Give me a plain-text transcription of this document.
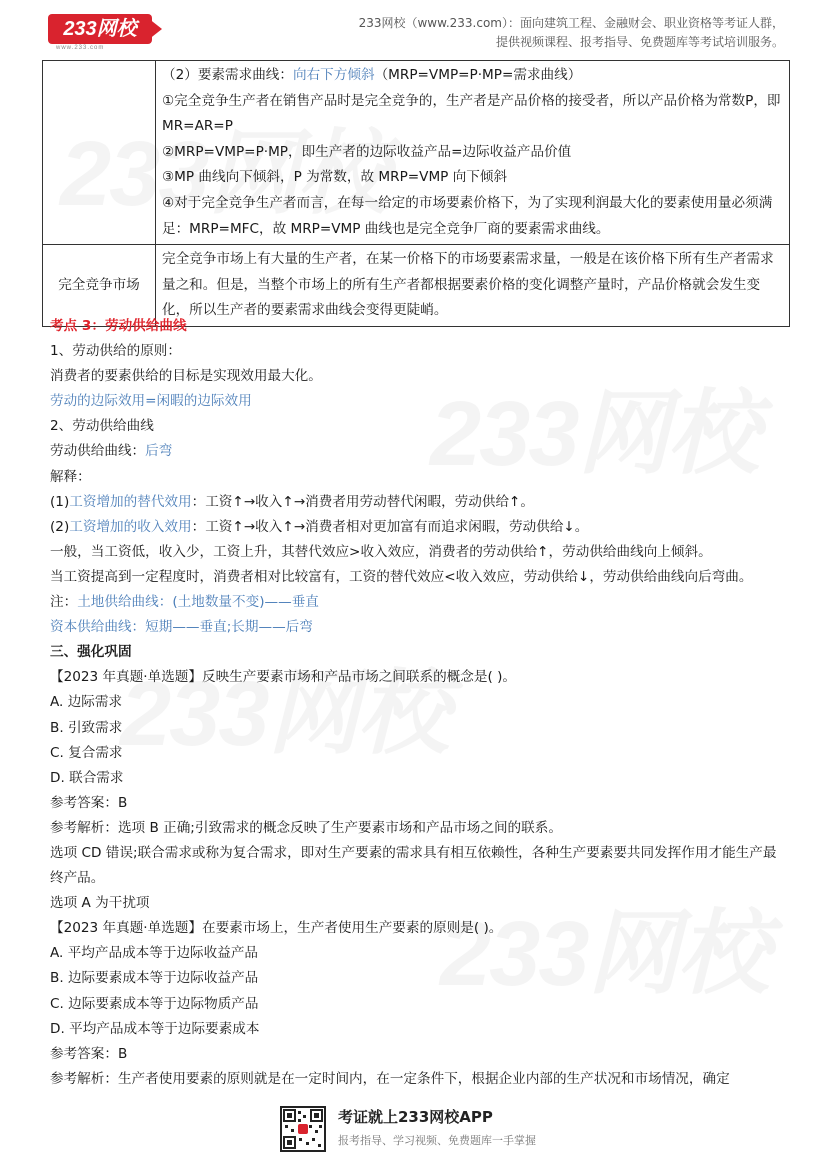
233网校
www.233.com
233网校（www.233.com）：面向建筑工程、金融财会、职业资格等考证人群，
提供视频课程、报考指导、免费题库等考试培训服务。

	（2）要素需求曲线：向右下方倾斜（MRP=VMP=P·MP=需求曲线）
①完全竞争生产者在销售产品时是完全竞争的，生产者是产品价格的接受者，所以产品价格为常数P，即 MR=AR=P
②MRP=VMP=P·MP，即生产者的边际收益产品=边际收益产品价值
③MP 曲线向下倾斜，P 为常数，故 MRP=VMP 向下倾斜
④对于完全竞争生产者而言，在每一给定的市场要素价格下，为了实现利润最大化的要素使用量必须满足：MRP=MFC，故 MRP=VMP 曲线也是完全竞争厂商的要素需求曲线。

完全竞争市场	完全竞争市场上有大量的生产者，在某一价格下的市场要素需求量，一般是在该价格下所有生产者需求量之和。但是，当整个市场上的所有生产者都根据要素价格的变化调整产量时，产品价格就会发生变化，所以生产者的要素需求曲线会变得更陡峭。

考点 3：劳动供给曲线

1、劳动供给的原则：

消费者的要素供给的目标是实现效用最大化。

劳动的边际效用=闲暇的边际效用

2、劳动供给曲线

劳动供给曲线：后弯

解释：

(1)工资增加的替代效用：工资↑→收入↑→消费者用劳动替代闲暇，劳动供给↑。

(2)工资增加的收入效用：工资↑→收入↑→消费者相对更加富有而追求闲暇，劳动供给↓。

一般，当工资低，收入少，工资上升，其替代效应>收入效应，消费者的劳动供给↑，劳动供给曲线向上倾斜。

当工资提高到一定程度时，消费者相对比较富有，工资的替代效应<收入效应，劳动供给↓，劳动供给曲线向后弯曲。

注：土地供给曲线：(土地数量不变)——垂直

资本供给曲线：短期——垂直;长期——后弯

三、强化巩固

【2023 年真题·单选题】反映生产要素市场和产品市场之间联系的概念是( )。

A. 边际需求

B. 引致需求

C. 复合需求

D. 联合需求

参考答案：B

参考解析：选项 B 正确;引致需求的概念反映了生产要素市场和产品市场之间的联系。

选项 CD 错误;联合需求或称为复合需求，即对生产要素的需求具有相互依赖性，各种生产要素要共同发挥作用才能生产最终产品。

选项 A 为干扰项

【2023 年真题·单选题】在要素市场上，生产者使用生产要素的原则是( )。

A. 平均产品成本等于边际收益产品

B. 边际要素成本等于边际收益产品

C. 边际要素成本等于边际物质产品

D. 平均产品成本等于边际要素成本

参考答案：B

参考解析：生产者使用要素的原则就是在一定时间内，在一定条件下，根据企业内部的生产状况和市场情况，确定

考证就上233网校APP
报考指导、学习视频、免费题库一手掌握
